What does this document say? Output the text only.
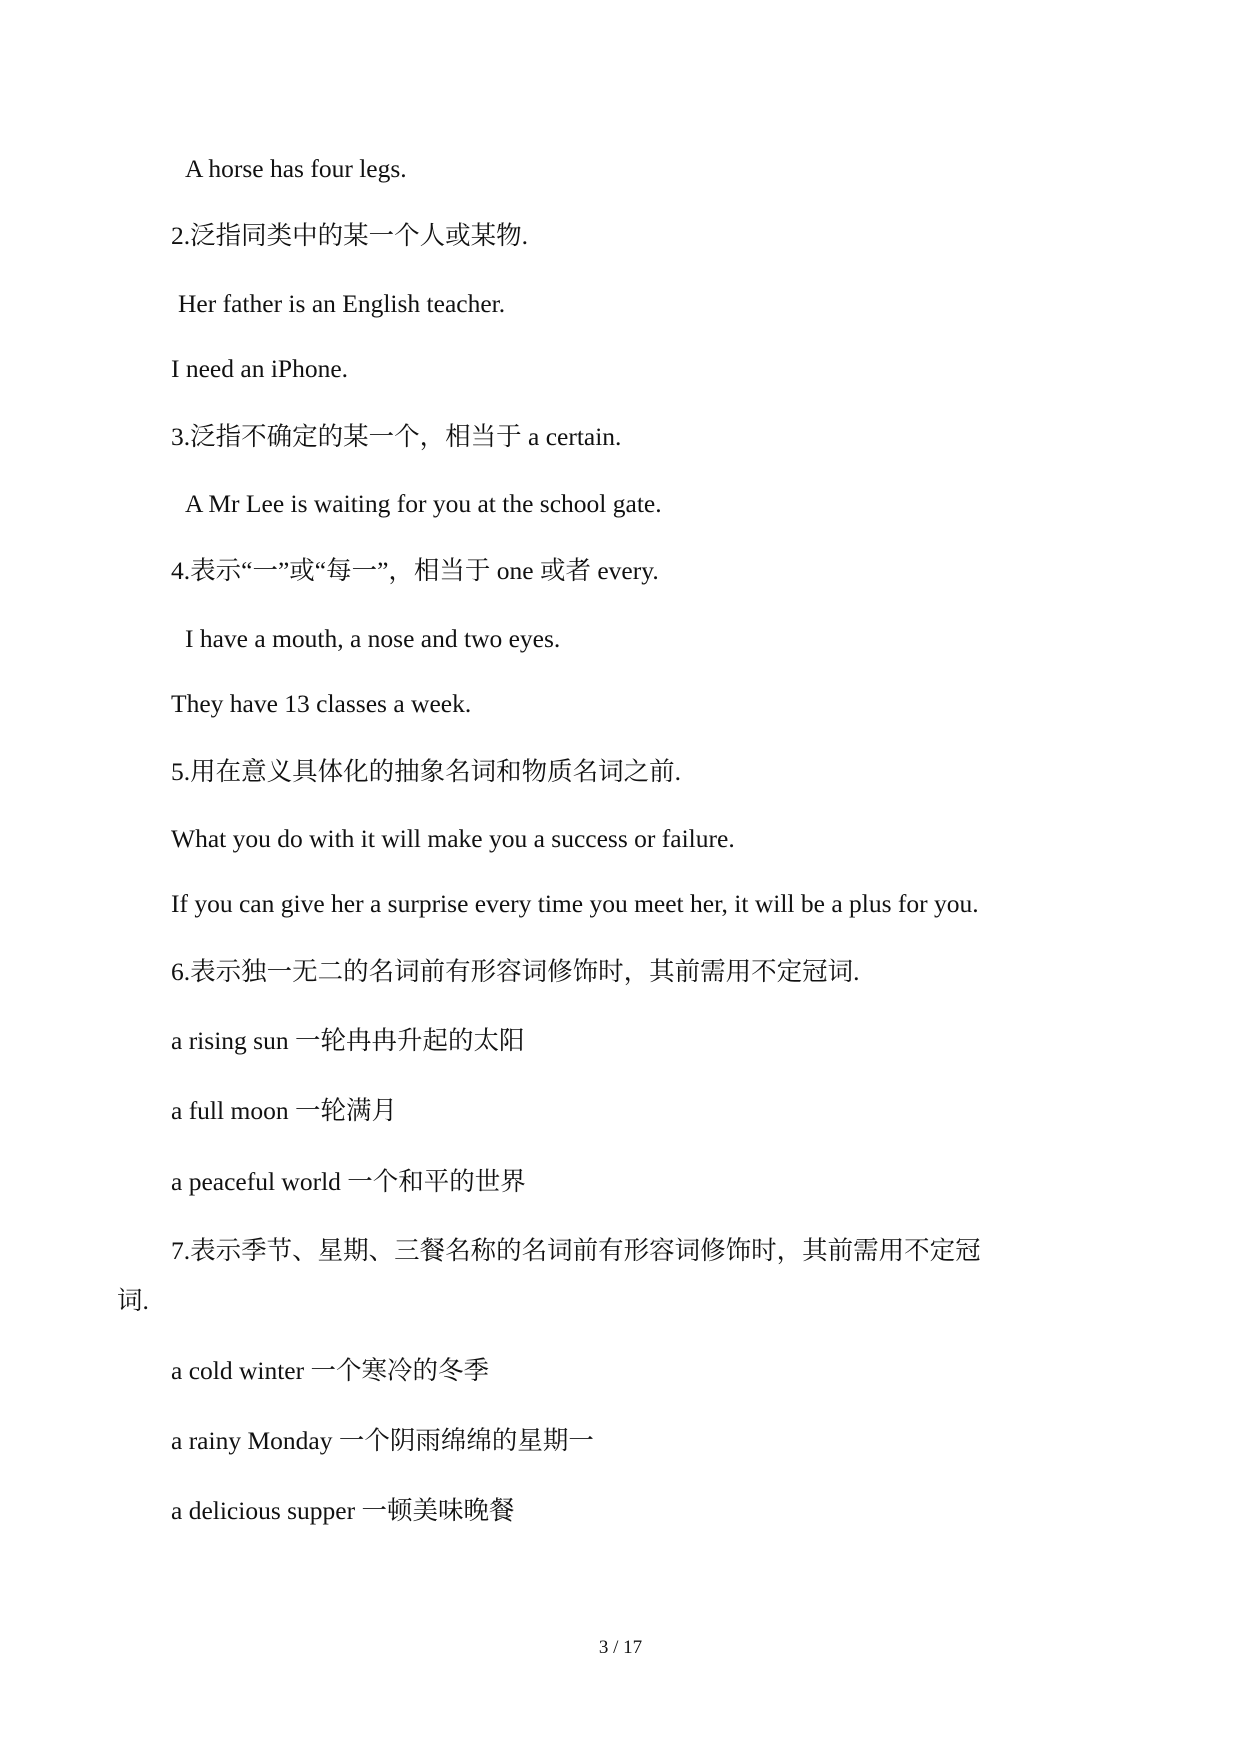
A horse has four legs.
2.泛指同类中的某一个人或某物.
Her father is an English teacher.
I need an iPhone.
3.泛指不确定的某一个，相当于 a certain.
A Mr Lee is waiting for you at the school gate.
4.表示“一”或“每一”，相当于 one 或者 every.
I have a mouth, a nose and two eyes.
They have 13 classes a week.
5.用在意义具体化的抽象名词和物质名词之前.
What you do with it will make you a success or failure.
If you can give her a surprise every time you meet her, it will be a plus for you.
6.表示独一无二的名词前有形容词修饰时，其前需用不定冠词.
a rising sun 一轮冉冉升起的太阳
a full moon 一轮满月
a peaceful world 一个和平的世界
7.表示季节、星期、三餐名称的名词前有形容词修饰时，其前需用不定冠
词.
a cold winter 一个寒冷的冬季
a rainy Monday 一个阴雨绵绵的星期一
a delicious supper 一顿美味晚餐
3 / 17
